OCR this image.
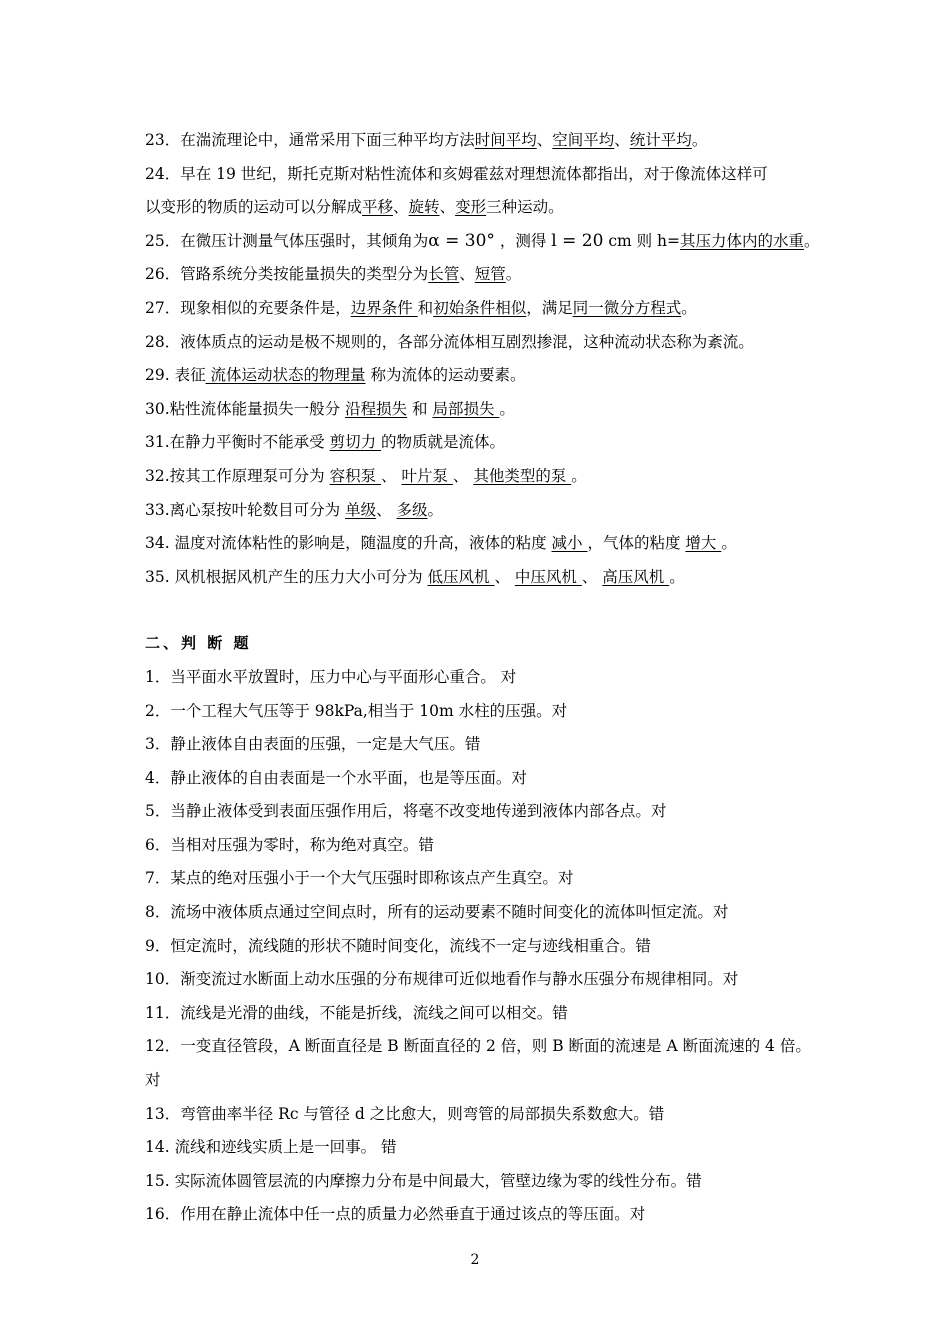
23．在湍流理论中，通常采用下面三种平均方法时间平均、空间平均、统计平均。
24．早在 19 世纪，斯托克斯对粘性流体和亥姆霍兹对理想流体都指出，对于像流体这样可
以变形的物质的运动可以分解成平移、旋转、变形三种运动。
25．在微压计测量气体压强时，其倾角为α = 30° ，测得 l = 20 cm 则 h=其压力体内的水重。
26．管路系统分类按能量损失的类型分为长管、短管。
27．现象相似的充要条件是，边界条件 和初始条件相似，满足同一微分方程式。
28．液体质点的运动是极不规则的，各部分流体相互剧烈掺混，这种流动状态称为紊流。
29. 表征 流体运动状态的物理量 称为流体的运动要素。
30.粘性流体能量损失一般分 沿程损失 和 局部损失 。
31.在静力平衡时不能承受 剪切力 的物质就是流体。
32.按其工作原理泵可分为 容积泵 、 叶片泵 、 其他类型的泵 。
33.离心泵按叶轮数目可分为 单级、 多级。
34. 温度对流体粘性的影响是，随温度的升高，液体的粘度 减小 ，气体的粘度 增大 。
35. 风机根据风机产生的压力大小可分为 低压风机 、 中压风机 、 高压风机 。
二、判 断 题
1．当平面水平放置时，压力中心与平面形心重合。 对
2．一个工程大气压等于 98kPa,相当于 10m 水柱的压强。对
3．静止液体自由表面的压强，一定是大气压。错
4．静止液体的自由表面是一个水平面，也是等压面。对
5．当静止液体受到表面压强作用后，将毫不改变地传递到液体内部各点。对
6．当相对压强为零时，称为绝对真空。错
7．某点的绝对压强小于一个大气压强时即称该点产生真空。对
8．流场中液体质点通过空间点时，所有的运动要素不随时间变化的流体叫恒定流。对
9．恒定流时，流线随的形状不随时间变化，流线不一定与迹线相重合。错
10．渐变流过水断面上动水压强的分布规律可近似地看作与静水压强分布规律相同。对
11．流线是光滑的曲线，不能是折线，流线之间可以相交。错
12．一变直径管段，A 断面直径是 B 断面直径的 2 倍，则 B 断面的流速是 A 断面流速的 4 倍。
对
13．弯管曲率半径 Rc 与管径 d 之比愈大，则弯管的局部损失系数愈大。错
14. 流线和迹线实质上是一回事。 错
15. 实际流体圆管层流的内摩擦力分布是中间最大，管壁边缘为零的线性分布。错
16．作用在静止流体中任一点的质量力必然垂直于通过该点的等压面。对
2
